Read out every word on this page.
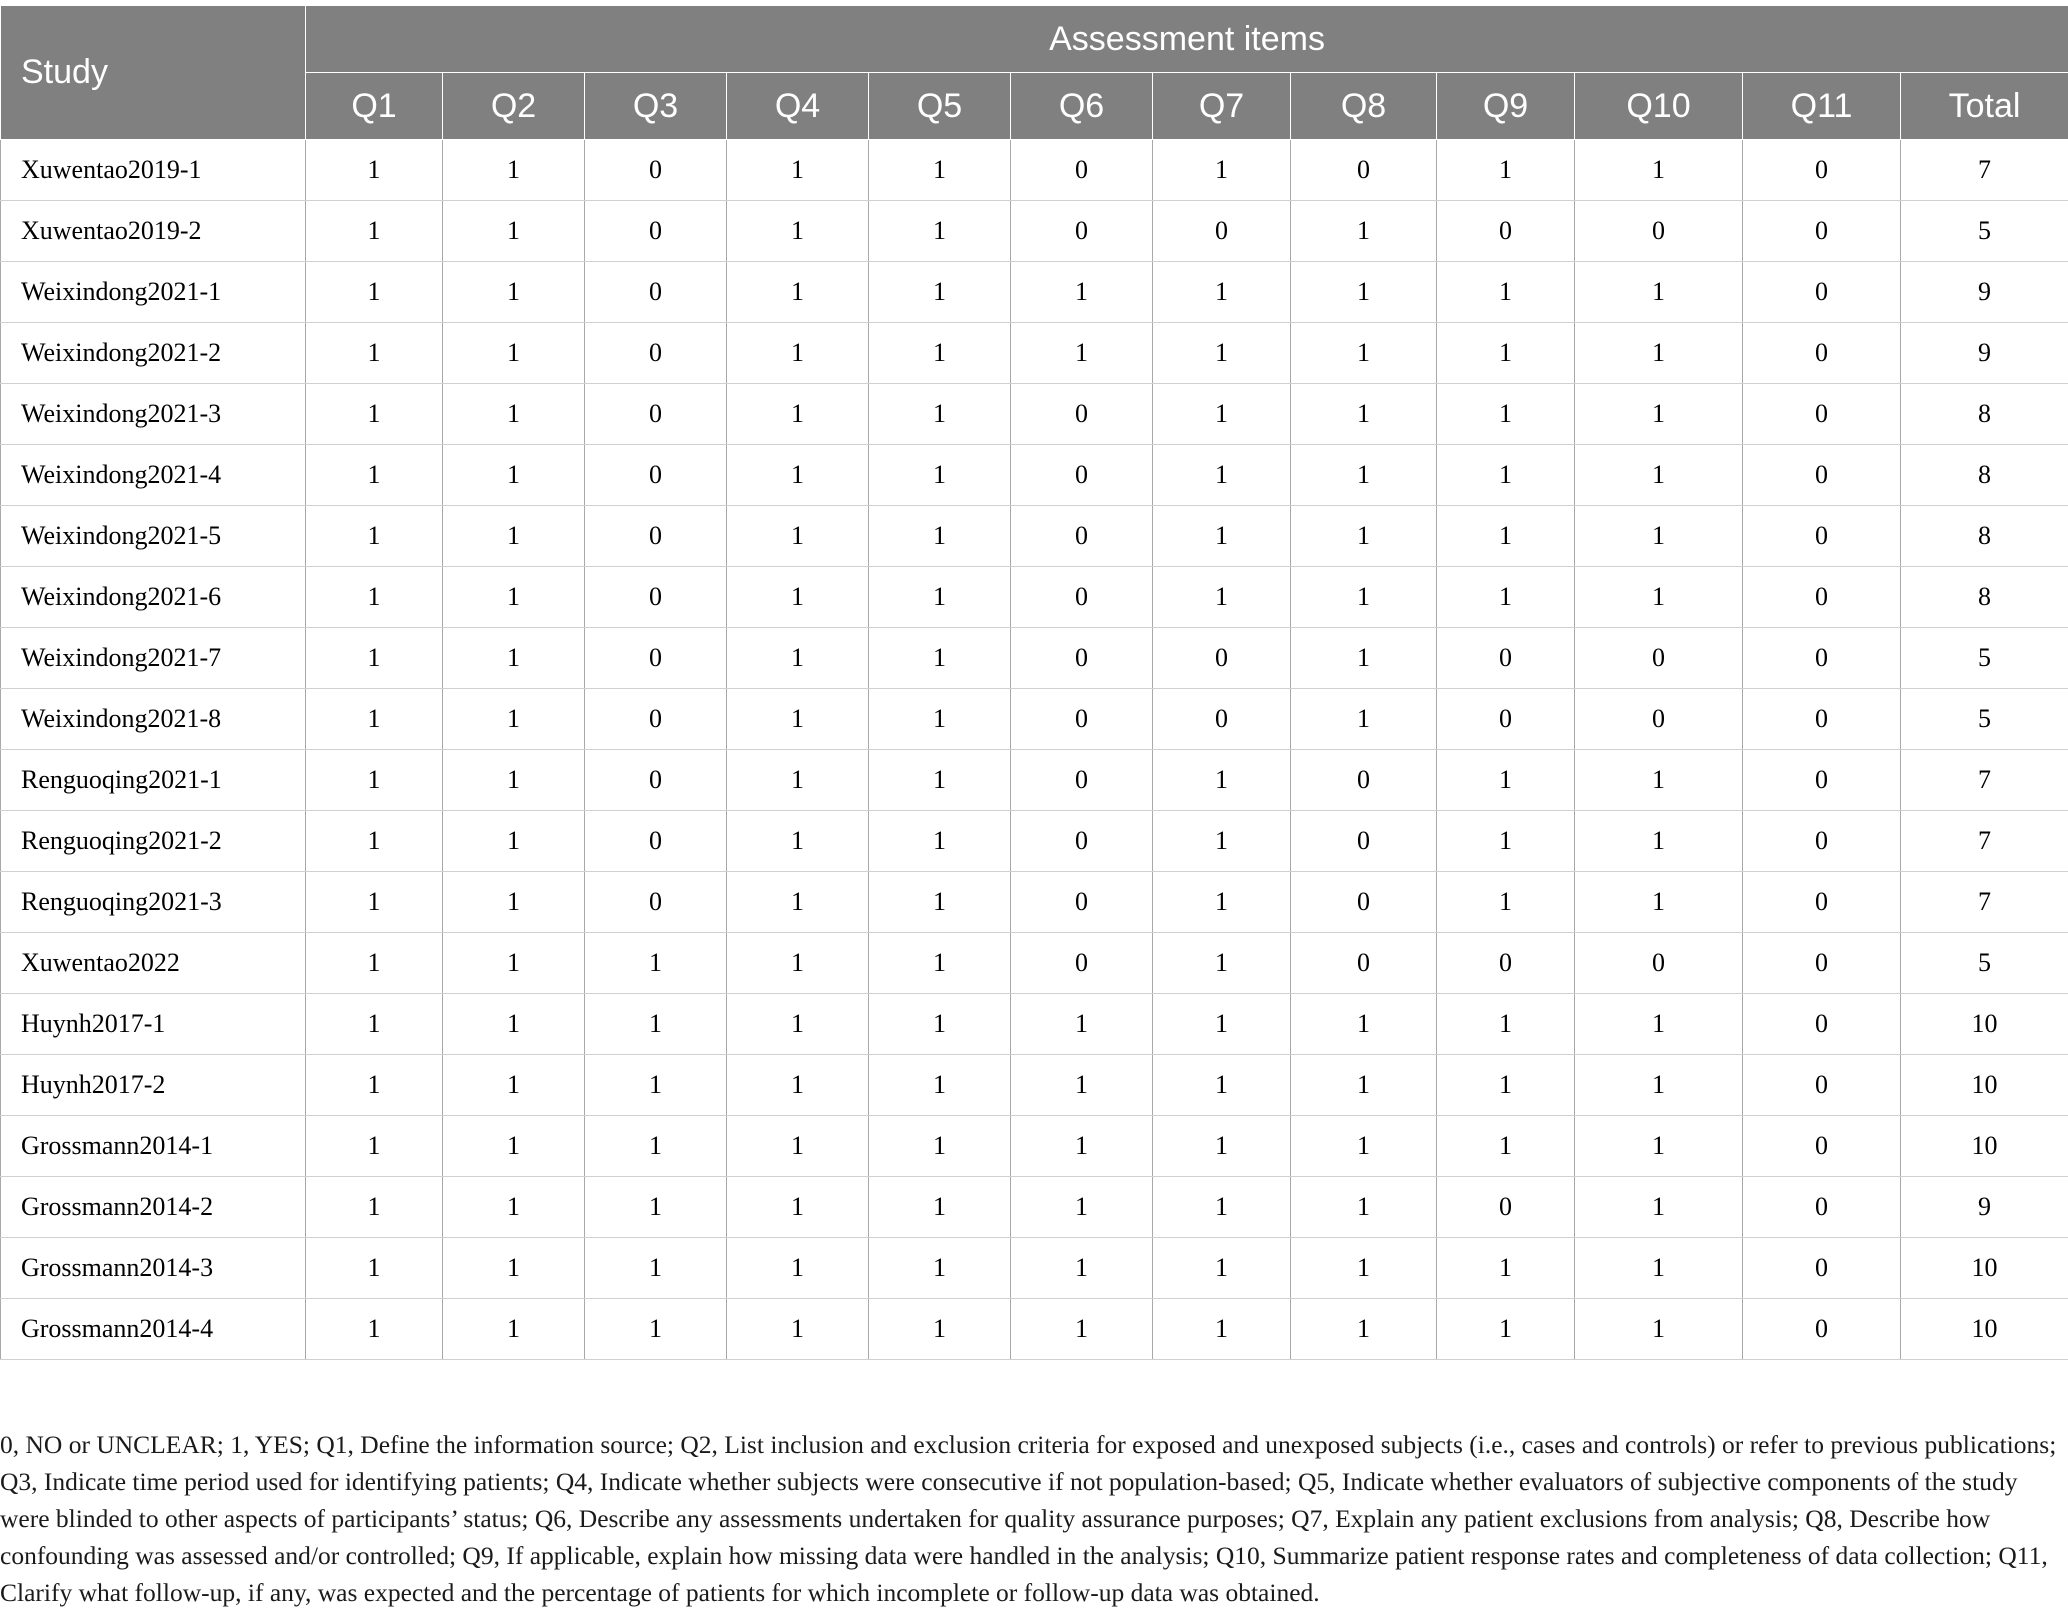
Study	Assessment items											
	Q1	Q2	Q3	Q4	Q5	Q6	Q7	Q8	Q9	Q10	Q11	Total
Xuwentao2019-1	1	1	0	1	1	0	1	0	1	1	0	7
Xuwentao2019-2	1	1	0	1	1	0	0	1	0	0	0	5
Weixindong2021-1	1	1	0	1	1	1	1	1	1	1	0	9
Weixindong2021-2	1	1	0	1	1	1	1	1	1	1	0	9
Weixindong2021-3	1	1	0	1	1	0	1	1	1	1	0	8
Weixindong2021-4	1	1	0	1	1	0	1	1	1	1	0	8
Weixindong2021-5	1	1	0	1	1	0	1	1	1	1	0	8
Weixindong2021-6	1	1	0	1	1	0	1	1	1	1	0	8
Weixindong2021-7	1	1	0	1	1	0	0	1	0	0	0	5
Weixindong2021-8	1	1	0	1	1	0	0	1	0	0	0	5
Renguoqing2021-1	1	1	0	1	1	0	1	0	1	1	0	7
Renguoqing2021-2	1	1	0	1	1	0	1	0	1	1	0	7
Renguoqing2021-3	1	1	0	1	1	0	1	0	1	1	0	7
Xuwentao2022	1	1	1	1	1	0	1	0	0	0	0	5
Huynh2017-1	1	1	1	1	1	1	1	1	1	1	0	10
Huynh2017-2	1	1	1	1	1	1	1	1	1	1	0	10
Grossmann2014-1	1	1	1	1	1	1	1	1	1	1	0	10
Grossmann2014-2	1	1	1	1	1	1	1	1	0	1	0	9
Grossmann2014-3	1	1	1	1	1	1	1	1	1	1	0	10
Grossmann2014-4	1	1	1	1	1	1	1	1	1	1	0	10
0, NO or UNCLEAR; 1, YES; Q1, Define the information source; Q2, List inclusion and exclusion criteria for exposed and unexposed subjects (i.e., cases and controls) or refer to previous publications; Q3, Indicate time period used for identifying patients; Q4, Indicate whether subjects were consecutive if not population-based; Q5, Indicate whether evaluators of subjective components of the study were blinded to other aspects of participants’ status; Q6, Describe any assessments undertaken for quality assurance purposes; Q7, Explain any patient exclusions from analysis; Q8, Describe how confounding was assessed and/or controlled; Q9, If applicable, explain how missing data were handled in the analysis; Q10, Summarize patient response rates and completeness of data collection; Q11, Clarify what follow-up, if any, was expected and the percentage of patients for which incomplete or follow-up data was obtained.
